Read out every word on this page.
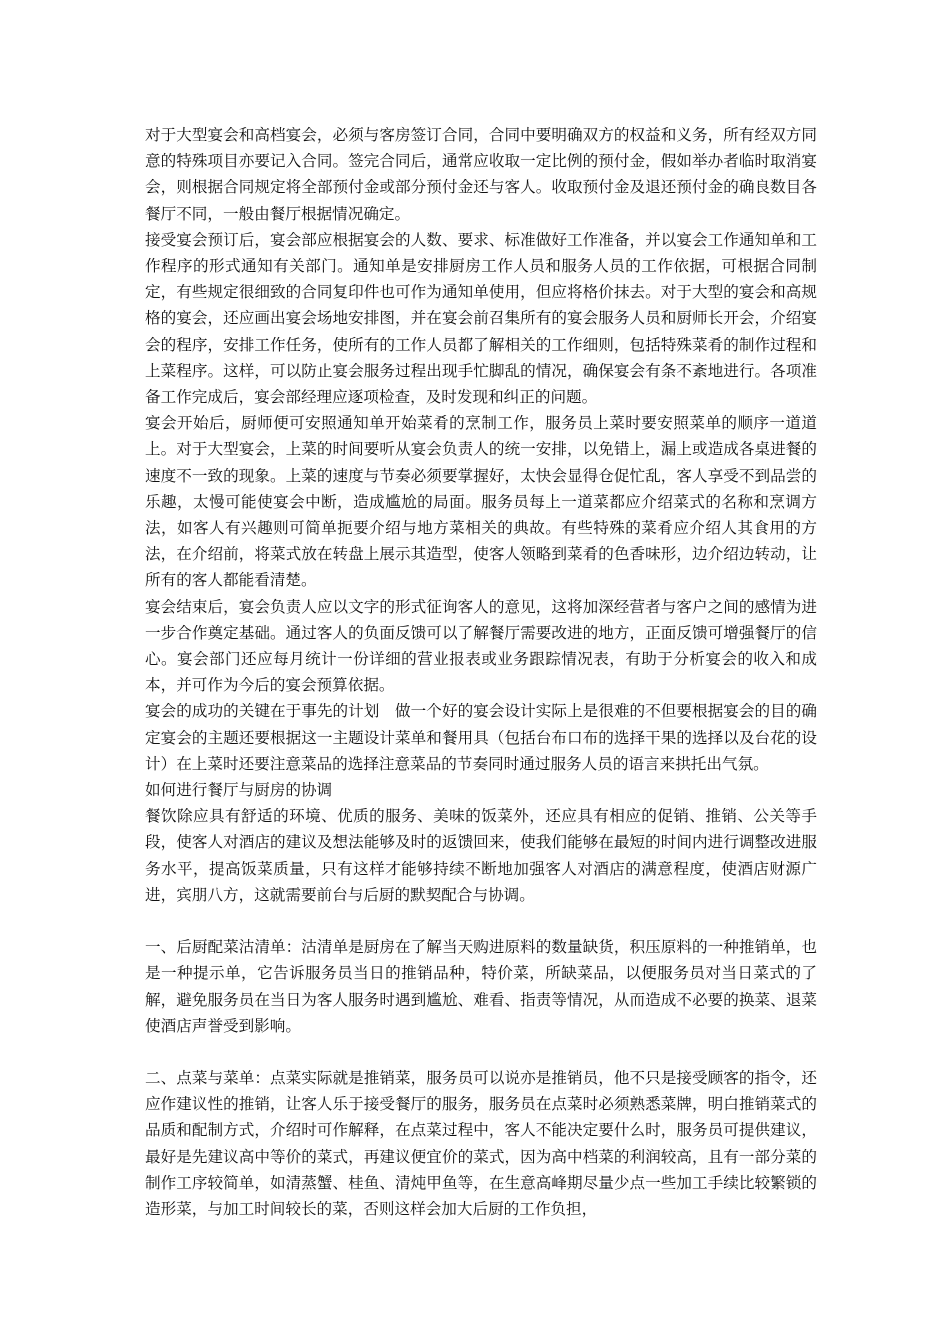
对于大型宴会和高档宴会，必须与客房签订合同，合同中要明确双方的权益和义务，所有经双方同意的特殊项目亦要记入合同。签完合同后，通常应收取一定比例的预付金，假如举办者临时取消宴会，则根据合同规定将全部预付金或部分预付金还与客人。收取预付金及退还预付金的确良数目各餐厅不同，一般由餐厅根据情况确定。

接受宴会预订后，宴会部应根据宴会的人数、要求、标准做好工作准备，并以宴会工作通知单和工作程序的形式通知有关部门。通知单是安排厨房工作人员和服务人员的工作依据，可根据合同制定，有些规定很细致的合同复印件也可作为通知单使用，但应将格价抹去。对于大型的宴会和高规格的宴会，还应画出宴会场地安排图，并在宴会前召集所有的宴会服务人员和厨师长开会，介绍宴会的程序，安排工作任务，使所有的工作人员都了解相关的工作细则，包括特殊菜肴的制作过程和上菜程序。这样，可以防止宴会服务过程出现手忙脚乱的情况，确保宴会有条不紊地进行。各项准备工作完成后，宴会部经理应逐项检查，及时发现和纠正的问题。

宴会开始后，厨师便可安照通知单开始菜肴的烹制工作，服务员上菜时要安照菜单的顺序一道道上。对于大型宴会，上菜的时间要听从宴会负责人的统一安排，以免错上，漏上或造成各桌进餐的速度不一致的现象。上菜的速度与节奏必须要掌握好，太快会显得仓促忙乱，客人享受不到品尝的乐趣，太慢可能使宴会中断，造成尴尬的局面。服务员每上一道菜都应介绍菜式的名称和烹调方法，如客人有兴趣则可简单扼要介绍与地方菜相关的典故。有些特殊的菜肴应介绍人其食用的方法，在介绍前，将菜式放在转盘上展示其造型，使客人领略到菜肴的色香味形，边介绍边转动，让所有的客人都能看清楚。

宴会结束后，宴会负责人应以文字的形式征询客人的意见，这将加深经营者与客户之间的感情为进一步合作奠定基础。通过客人的负面反馈可以了解餐厅需要改进的地方，正面反馈可增强餐厅的信心。宴会部门还应每月统计一份详细的营业报表或业务跟踪情况表，有助于分析宴会的收入和成本，并可作为今后的宴会预算依据。

宴会的成功的关键在于事先的计划　做一个好的宴会设计实际上是很难的不但要根据宴会的目的确定宴会的主题还要根据这一主题设计菜单和餐用具（包括台布口布的选择干果的选择以及台花的设计）在上菜时还要注意菜品的选择注意菜品的节奏同时通过服务人员的语言来拱托出气氛。

如何进行餐厅与厨房的协调

餐饮除应具有舒适的环境、优质的服务、美味的饭菜外，还应具有相应的促销、推销、公关等手段，使客人对酒店的建议及想法能够及时的返馈回来，使我们能够在最短的时间内进行调整改进服务水平，提高饭菜质量，只有这样才能够持续不断地加强客人对酒店的满意程度，使酒店财源广进，宾朋八方，这就需要前台与后厨的默契配合与协调。

一、后厨配菜沽清单：沽清单是厨房在了解当天购进原料的数量缺货，积压原料的一种推销单，也是一种提示单，它告诉服务员当日的推销品种，特价菜，所缺菜品，以便服务员对当日菜式的了解，避免服务员在当日为客人服务时遇到尴尬、难看、指责等情况，从而造成不必要的换菜、退菜使酒店声誉受到影响。

二、点菜与菜单：点菜实际就是推销菜，服务员可以说亦是推销员，他不只是接受顾客的指令，还应作建议性的推销，让客人乐于接受餐厅的服务，服务员在点菜时必须熟悉菜牌，明白推销菜式的品质和配制方式，介绍时可作解释，在点菜过程中，客人不能决定要什么时，服务员可提供建议，最好是先建议高中等价的菜式，再建议便宜价的菜式，因为高中档菜的利润较高，且有一部分菜的制作工序较简单，如清蒸蟹、桂鱼、清炖甲鱼等，在生意高峰期尽量少点一些加工手续比较繁锁的造形菜，与加工时间较长的菜，否则这样会加大后厨的工作负担，
